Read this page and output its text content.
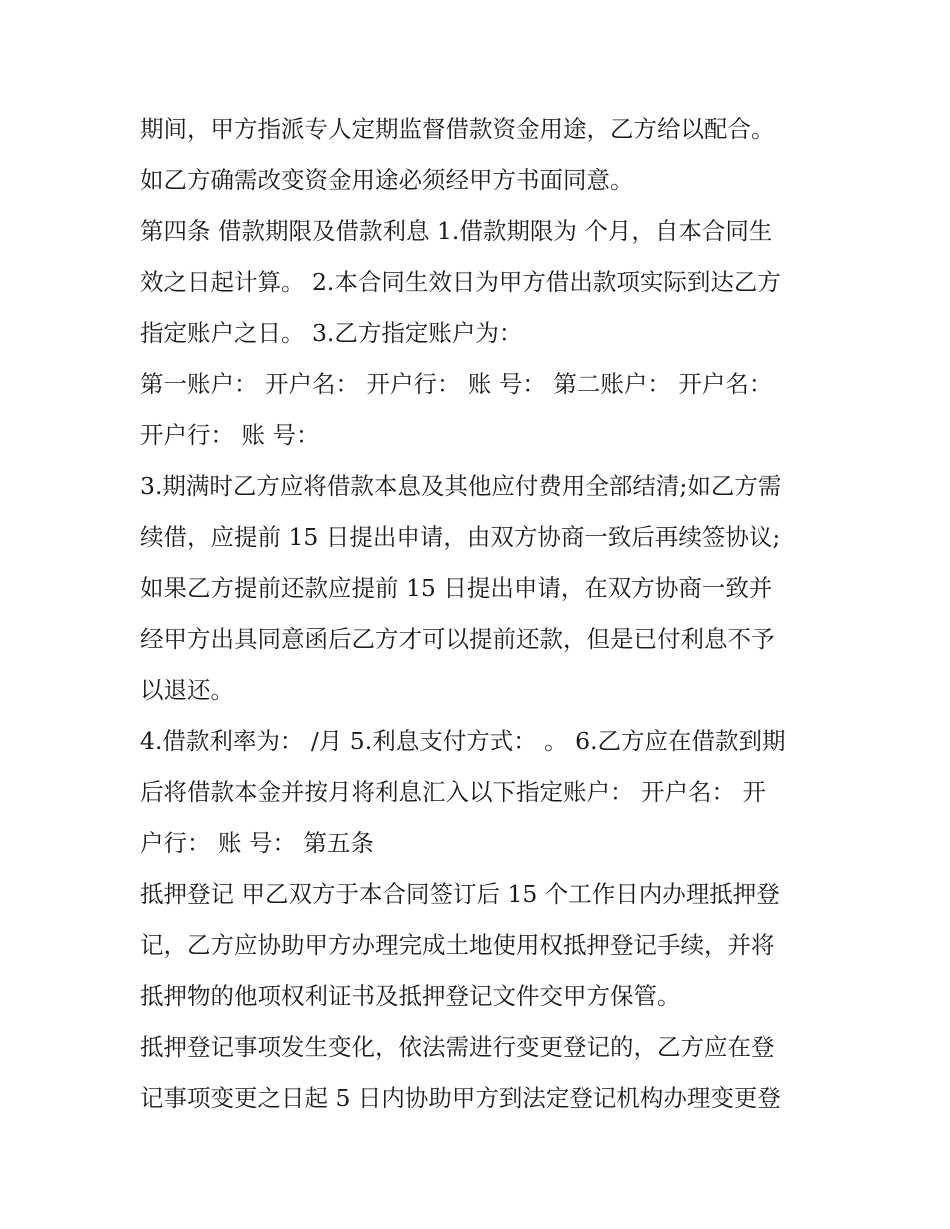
期间，甲方指派专人定期监督借款资金用途，乙方给以配合。
如乙方确需改变资金用途必须经甲方书面同意。
第四条 借款期限及借款利息 1.借款期限为 个月，自本合同生
效之日起计算。 2.本合同生效日为甲方借出款项实际到达乙方
指定账户之日。 3.乙方指定账户为：
第一账户： 开户名： 开户行： 账 号： 第二账户： 开户名：
开户行： 账 号：
3.期满时乙方应将借款本息及其他应付费用全部结清;如乙方需
续借，应提前 15 日提出申请，由双方协商一致后再续签协议;
如果乙方提前还款应提前 15 日提出申请，在双方协商一致并
经甲方出具同意函后乙方才可以提前还款，但是已付利息不予
以退还。
4.借款利率为： /月 5.利息支付方式： 。 6.乙方应在借款到期
后将借款本金并按月将利息汇入以下指定账户： 开户名： 开
户行： 账 号： 第五条
抵押登记 甲乙双方于本合同签订后 15 个工作日内办理抵押登
记，乙方应协助甲方办理完成土地使用权抵押登记手续，并将
抵押物的他项权利证书及抵押登记文件交甲方保管。
抵押登记事项发生变化，依法需进行变更登记的，乙方应在登
记事项变更之日起 5 日内协助甲方到法定登记机构办理变更登
